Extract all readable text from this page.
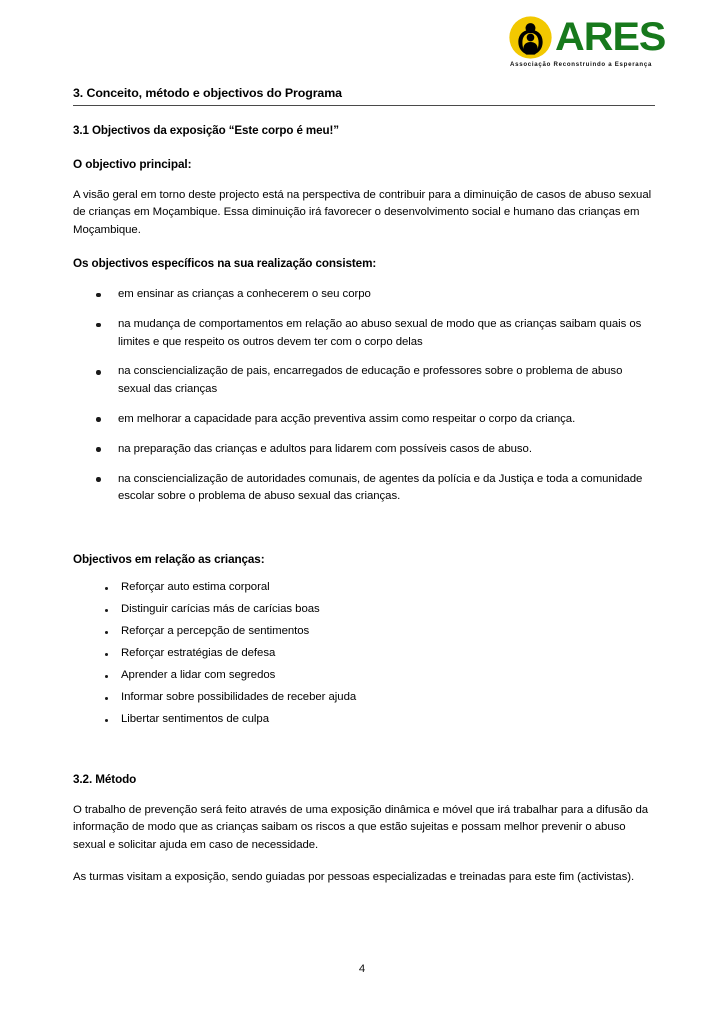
ARES
Associação Reconstruindo a Esperança
3. Conceito, método e objectivos do Programa
3.1 Objectivos da exposição “Este corpo é meu!”
O objectivo principal:

A visão geral em torno deste projecto está na perspectiva de contribuir para a diminuição de casos de abuso sexual de crianças em Moçambique. Essa diminuição irá favorecer o desenvolvimento social e humano das crianças em Moçambique.

Os objectivos específicos na sua realização consistem:
em ensinar as crianças a conhecerem o seu corpo
na mudança de comportamentos em relação ao abuso sexual de modo que as crianças saibam quais os limites e que respeito os outros devem ter com o corpo delas
na consciencialização de pais, encarregados de educação e professores sobre o problema de abuso sexual das crianças
em melhorar a capacidade para acção preventiva assim como respeitar o corpo da criança.
na preparação das crianças e adultos para lidarem com possíveis casos de abuso.
na consciencialização de autoridades comunais, de agentes da polícia e da Justiça e toda a comunidade escolar sobre o problema de abuso sexual das crianças.
Objectivos em relação as crianças:
Reforçar auto estima corporal
Distinguir carícias más de carícias boas
Reforçar a percepção de sentimentos
Reforçar estratégias de defesa
Aprender a lidar com segredos
Informar sobre possibilidades de receber ajuda
Libertar sentimentos de culpa
3.2. Método

O trabalho de prevenção será feito através de uma exposição dinâmica e móvel que irá trabalhar para a difusão da informação de modo que as crianças saibam os riscos a que estão sujeitas e possam melhor prevenir o abuso sexual e solicitar ajuda em caso de necessidade.

As turmas visitam a exposição, sendo guiadas por pessoas especializadas e treinadas para este fim (activistas).

4
